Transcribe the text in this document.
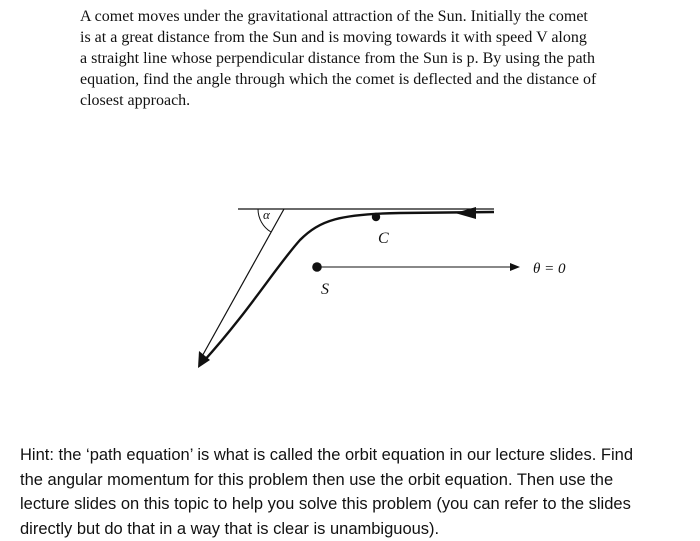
A comet moves under the gravitational attraction of the Sun. Initially the comet

is at a great distance from the Sun and is moving towards it with speed V along

a straight line whose perpendicular distance from the Sun is p. By using the path

equation, find the angle through which the comet is deflected and the distance of

closest approach.

α
C
S
θ = 0
Hint: the ‘path equation’ is what is called the orbit equation in our lecture slides. Find
the angular momentum for this problem then use the orbit equation. Then use the
lecture slides on this topic to help you solve this problem (you can refer to the slides
directly but do that in a way that is clear is unambiguous).
